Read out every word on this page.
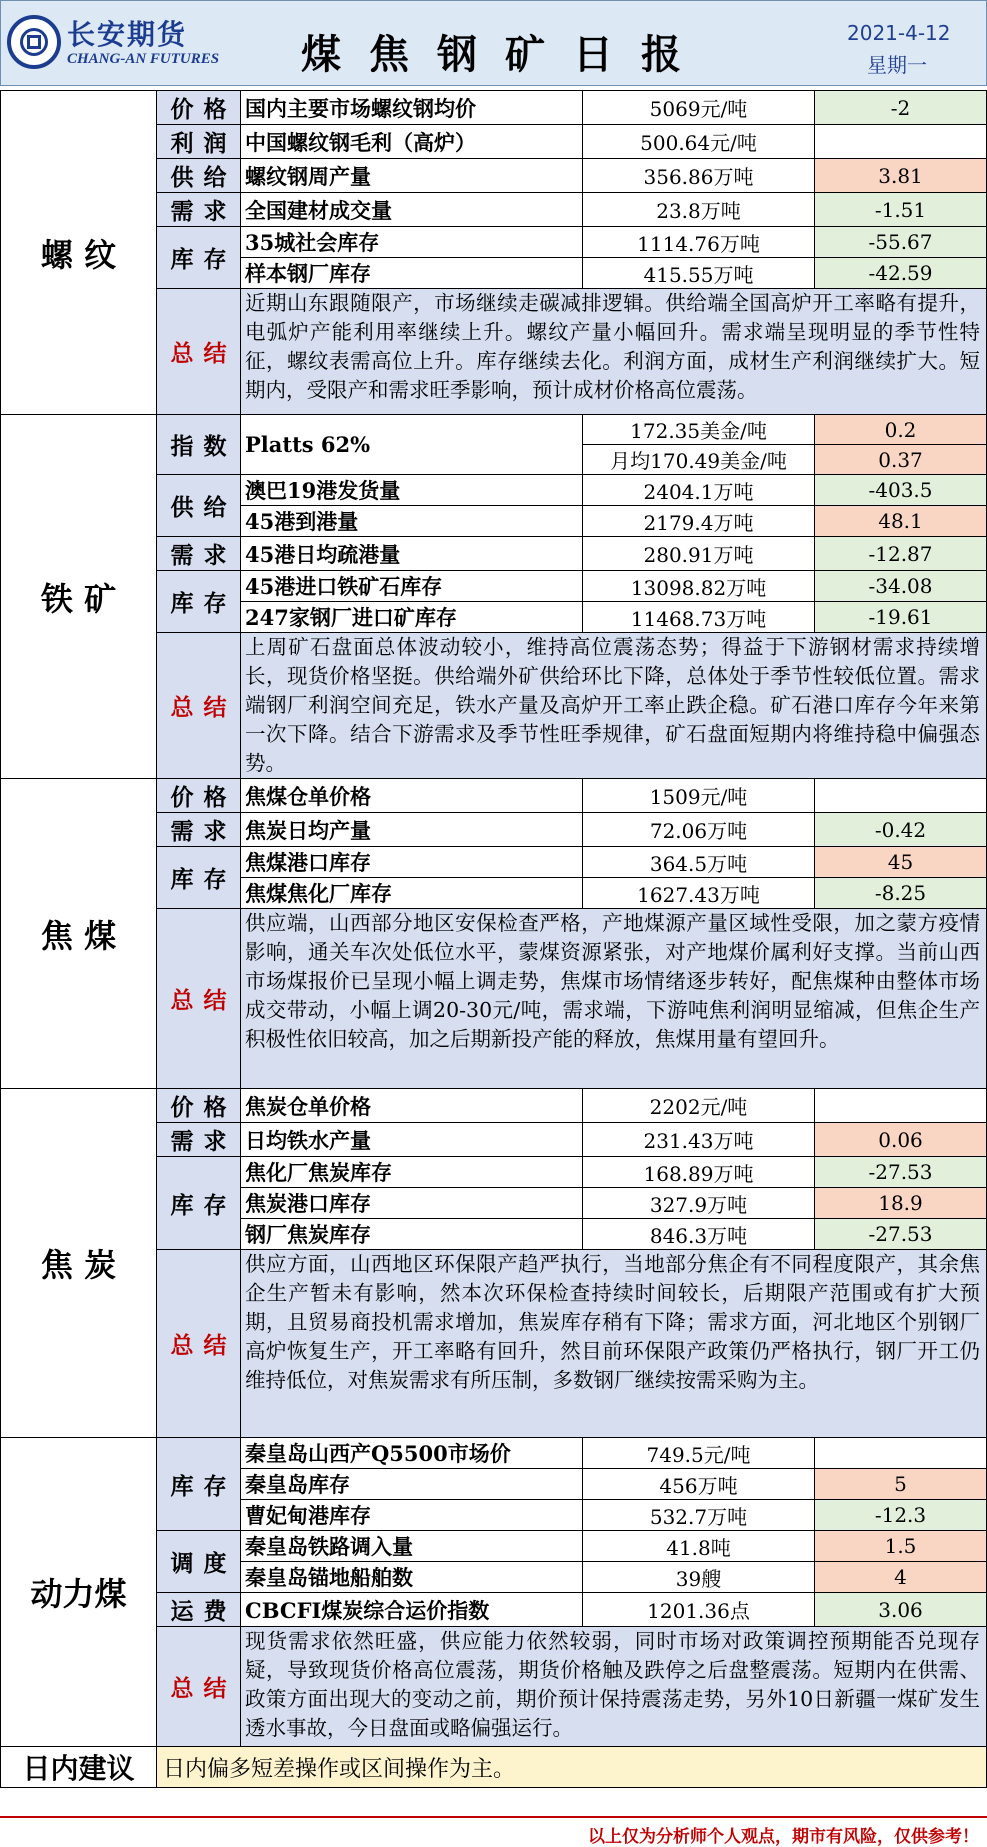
长安期货
CHANG-AN FUTURES 煤焦钢矿日报	2021-4-12
星期一
螺 纹	价格	国内主要市场螺纹钢均价	5069元/吨	-2
	利润	中国螺纹钢毛利（高炉）	500.64元/吨	
	供给	螺纹钢周产量	356.86万吨	3.81
	需求	全国建材成交量	23.8万吨	-1.51
	库存	35城社会库存	1114.76万吨	-55.67
		样本钢厂库存	415.55万吨	-42.59
	总结	近期山东跟随限产，市场继续走碳减排逻辑。供给端全国高炉开工率略有提升，电弧炉产能利用率继续上升。螺纹产量小幅回升。需求端呈现明显的季节性特征，螺纹表需高位上升。库存继续去化。利润方面，成材生产利润继续扩大。短期内，受限产和需求旺季影响，预计成材价格高位震荡。		
铁 矿	指数	Platts 62%	172.35美金/吨	0.2
			月均170.49美金/吨	0.37
	供给	澳巴19港发货量	2404.1万吨	-403.5
		45港到港量	2179.4万吨	48.1
	需求	45港日均疏港量	280.91万吨	-12.87
	库存	45港进口铁矿石库存	13098.82万吨	-34.08
		247家钢厂进口矿库存	11468.73万吨	-19.61
	总结	上周矿石盘面总体波动较小，维持高位震荡态势；得益于下游钢材需求持续增长，现货价格坚挺。供给端外矿供给环比下降，总体处于季节性较低位置。需求端钢厂利润空间充足，铁水产量及高炉开工率止跌企稳。矿石港口库存今年来第一次下降。结合下游需求及季节性旺季规律，矿石盘面短期内将维持稳中偏强态势。		
焦 煤	价格	焦煤仓单价格	1509元/吨	
	需求	焦炭日均产量	72.06万吨	-0.42
	库存	焦煤港口库存	364.5万吨	45
		焦煤焦化厂库存	1627.43万吨	-8.25
	总结	供应端，山西部分地区安保检查严格，产地煤源产量区域性受限，加之蒙方疫情影响，通关车次处低位水平，蒙煤资源紧张，对产地煤价属利好支撑。当前山西市场煤报价已呈现小幅上调走势，焦煤市场情绪逐步转好，配焦煤种由整体市场成交带动，小幅上调20-30元/吨，需求端，下游吨焦利润明显缩减，但焦企生产积极性依旧较高，加之后期新投产能的释放，焦煤用量有望回升。		
焦 炭	价格	焦炭仓单价格	2202元/吨	
	需求	日均铁水产量	231.43万吨	0.06
	库存	焦化厂焦炭库存	168.89万吨	-27.53
		焦炭港口库存	327.9万吨	18.9
		钢厂焦炭库存	846.3万吨	-27.53
	总结	供应方面，山西地区环保限产趋严执行，当地部分焦企有不同程度限产，其余焦企生产暂未有影响，然本次环保检查持续时间较长，后期限产范围或有扩大预期，且贸易商投机需求增加，焦炭库存稍有下降；需求方面，河北地区个别钢厂高炉恢复生产，开工率略有回升，然目前环保限产政策仍严格执行，钢厂开工仍维持低位，对焦炭需求有所压制，多数钢厂继续按需采购为主。		
动力煤	库存	秦皇岛山西产Q5500市场价	749.5元/吨	
		秦皇岛库存	456万吨	5
		曹妃甸港库存	532.7万吨	-12.3
	调度	秦皇岛铁路调入量	41.8吨	1.5
		秦皇岛锚地船舶数	39艘	4
	运费	CBCFI煤炭综合运价指数	1201.36点	3.06
	总结	现货需求依然旺盛，供应能力依然较弱，同时市场对政策调控预期能否兑现存疑，导致现货价格高位震荡，期货价格触及跌停之后盘整震荡。短期内在供需、政策方面出现大的变动之前，期价预计保持震荡走势，另外10日新疆一煤矿发生透水事故，今日盘面或略偏强运行。		
日内建议	日内偏多短差操作或区间操作为主。			
以上仅为分析师个人观点，期市有风险，仅供参考！
